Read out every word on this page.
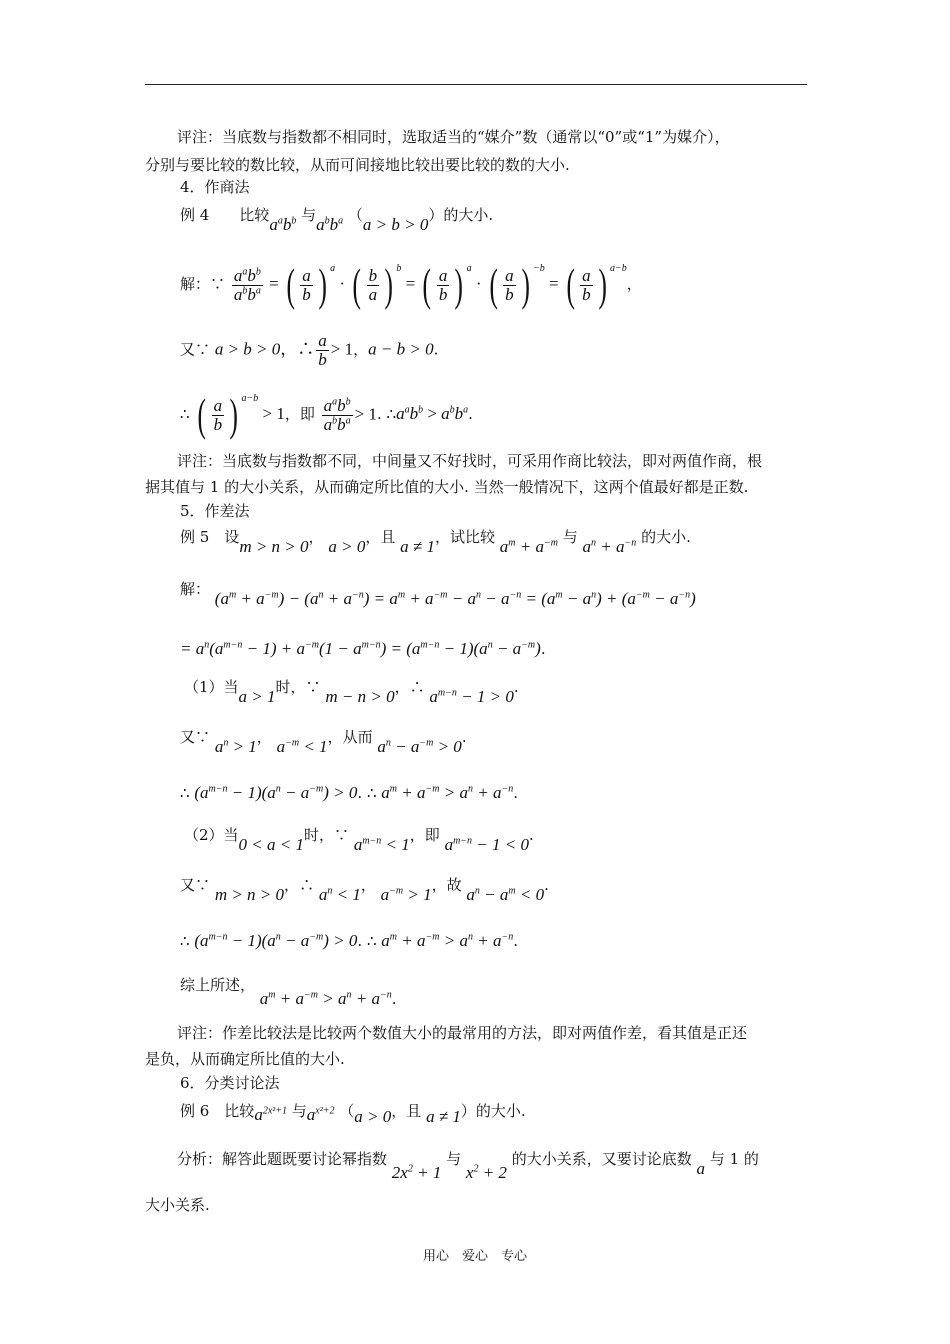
评注：当底数与指数都不相同时，选取适当的“媒介”数（通常以“0”或“1”为媒介），
分别与要比较的数比较，从而可间接地比较出要比较的数的大小.
4．作商法
例 4　　比较$a^ab^b$ 与$a^bb^a$ （a > b > 0）的大小.
解：∵ $\frac{a^ab^b}{a^bb^a}$ = ( $\frac{a}{b}$ ) $^a$ · ( $\frac{b}{a}$ ) $^b$ = ( $\frac{a}{b}$ ) $^a$ · ( $\frac{a}{b}$ ) $^{-b}$ = ( $\frac{a}{b}$ ) $^{a-b}$，
又∵ a > b > 0，∴ $\frac{a}{b} > 1$，a − b > 0.
∴ ( $\frac{a}{b}$ ) $^{a-b}$ > 1，即 $\frac{a^ab^b}{a^bb^a} > 1$. $\therefore a^ab^b > a^bb^a$.
评注：当底数与指数都不同，中间量又不好找时，可采用作商比较法，即对两值作商，根
据其值与 1 的大小关系，从而确定所比值的大小. 当然一般情况下，这两个值最好都是正数.
5．作差法
例 5　设m > n > 0， a > 0，且 a ≠ 1，试比较 $a^m + a^{-m}$ 与 $a^n + a^{-n}$ 的大小.
解： $(a^m + a^{-m}) - (a^n + a^{-n}) = a^m + a^{-m} - a^n - a^{-n} = (a^m - a^n) + (a^{-m} - a^{-n})$
= $a^n(a^{m-n} - 1) + a^{-m}(1 - a^{m-n}) = (a^{m-n} - 1)(a^n - a^{-m})$.
（1）当a > 1时，∵ m − n > 0，∴ $a^{m-n} - 1 > 0$.
又∵ $a^n > 1$， $a^{-m} < 1$，从而 $a^n - a^{-m} > 0$.
∴ $(a^{m-n} - 1)(a^n - a^{-m}) > 0$. ∴ $a^m + a^{-m} > a^n + a^{-n}$.
（2）当0 < a < 1时，∵ $a^{m-n} < 1$，即 $a^{m-n} - 1 < 0$.
又∵ m > n > 0，∴ $a^n < 1$， $a^{-m} > 1$，故 $a^n - a^m < 0$.
∴ $(a^{m-n} - 1)(a^n - a^{-m}) > 0$. ∴ $a^m + a^{-m} > a^n + a^{-n}$.
综上所述， $a^m + a^{-m} > a^n + a^{-n}$.
评注：作差比较法是比较两个数值大小的最常用的方法，即对两值作差，看其值是正还
是负，从而确定所比值的大小.
6．分类讨论法
例 6　比较$a^{2x^2+1}$ 与$a^{x^2+2}$ （a > 0，且 a ≠ 1）的大小.
分析：解答此题既要讨论幂指数 $2x^2 + 1$ 与 $x^2 + 2$ 的大小关系，又要讨论底数 a 与 1 的
大小关系.
用心　爱心　专心
